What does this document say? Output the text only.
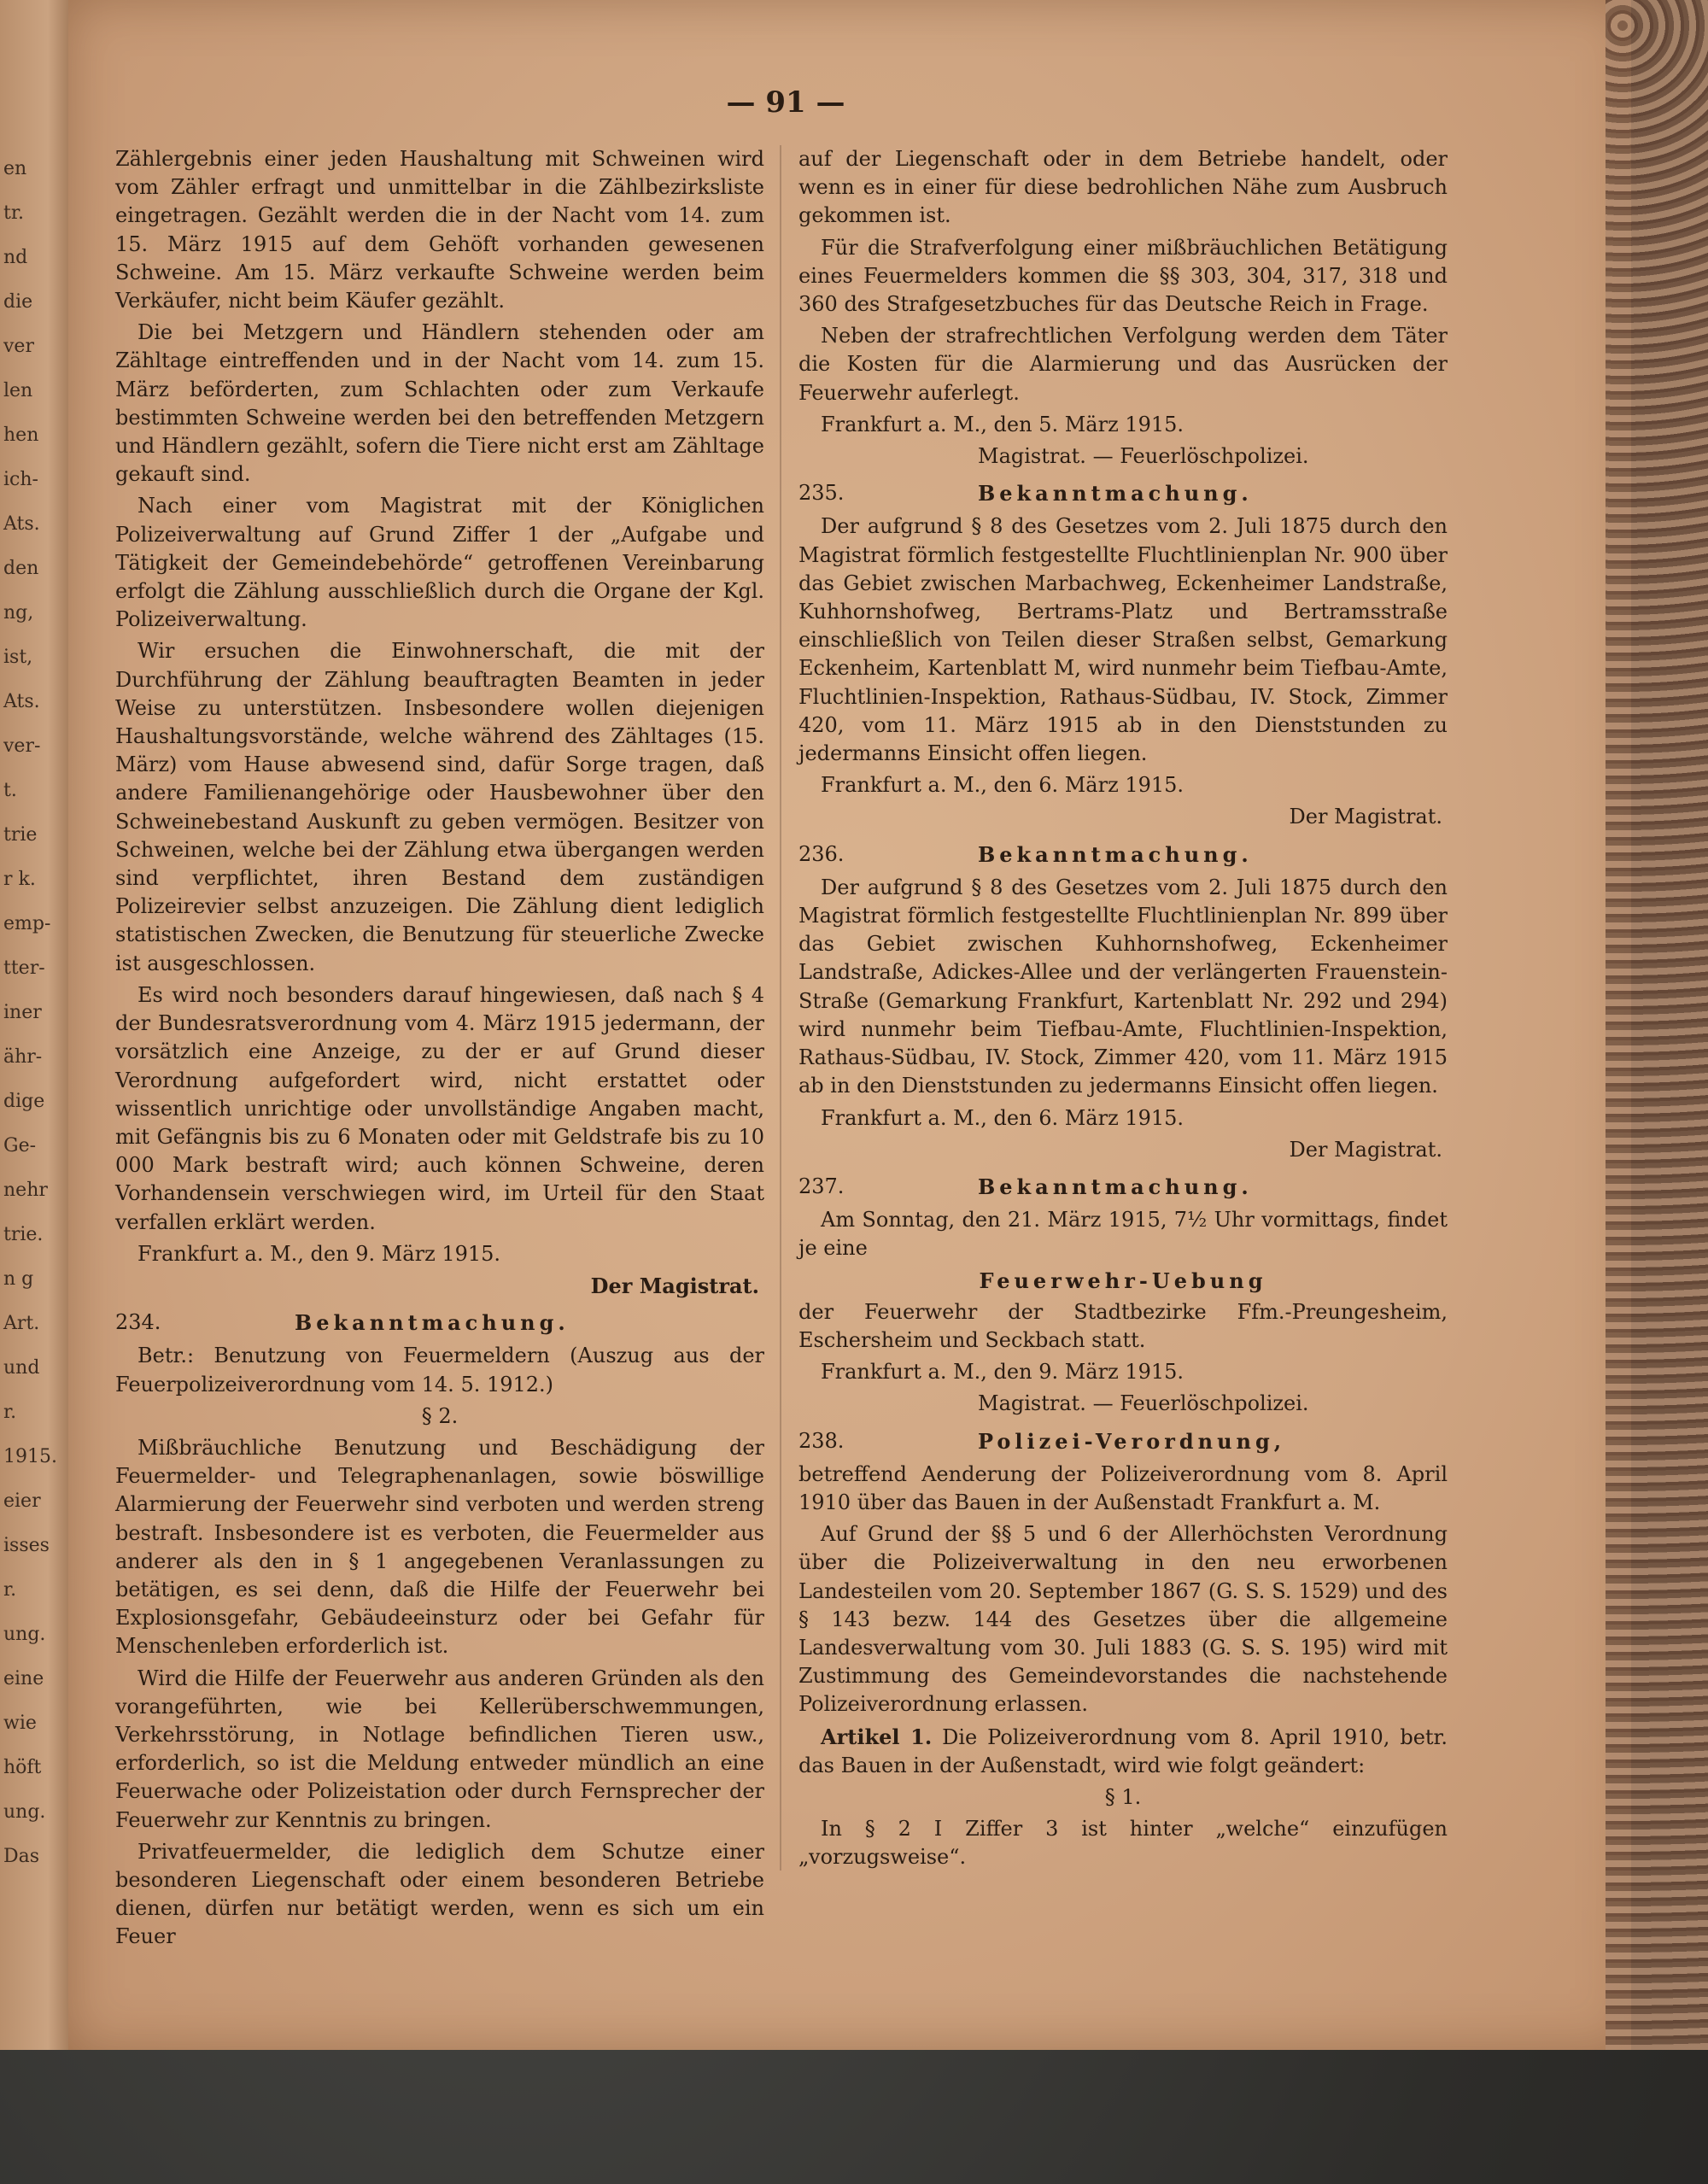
en
tr.
nd
die
ver
len
hen
ich-
Ats.
den
ng,
ist,
Ats.
ver-
t.
trie
r k.
emp-
tter-
iner
ähr-
dige
Ge-
nehr
trie.
n g
Art.
und
r.
1915.
eier
isses
r.
ung.
eine
wie
höft
ung.
Das
— 91 —

Zählergebnis einer jeden Haushaltung mit Schweinen wird vom Zähler erfragt und unmittelbar in die Zählbezirksliste eingetragen. Gezählt werden die in der Nacht vom 14. zum 15. März 1915 auf dem Gehöft vorhanden gewesenen Schweine. Am 15. März verkaufte Schweine werden beim Verkäufer, nicht beim Käufer gezählt.

Die bei Metzgern und Händlern stehenden oder am Zähltage eintreffenden und in der Nacht vom 14. zum 15. März beförderten, zum Schlachten oder zum Verkaufe bestimmten Schweine werden bei den betreffenden Metzgern und Händlern gezählt, sofern die Tiere nicht erst am Zähltage gekauft sind.

Nach einer vom Magistrat mit der Königlichen Polizeiverwaltung auf Grund Ziffer 1 der „Aufgabe und Tätigkeit der Gemeindebehörde“ getroffenen Vereinbarung erfolgt die Zählung ausschließlich durch die Organe der Kgl. Polizeiverwaltung.

Wir ersuchen die Einwohnerschaft, die mit der Durchführung der Zählung beauftragten Beamten in jeder Weise zu unterstützen. Insbesondere wollen diejenigen Haushaltungsvorstände, welche während des Zähltages (15. März) vom Hause abwesend sind, dafür Sorge tragen, daß andere Familienangehörige oder Hausbewohner über den Schweinebestand Auskunft zu geben vermögen. Besitzer von Schweinen, welche bei der Zählung etwa übergangen werden sind verpflichtet, ihren Bestand dem zuständigen Polizeirevier selbst anzuzeigen. Die Zählung dient lediglich statistischen Zwecken, die Benutzung für steuerliche Zwecke ist ausgeschlossen.

Es wird noch besonders darauf hingewiesen, daß nach § 4 der Bundesratsverordnung vom 4. März 1915 jedermann, der vorsätzlich eine Anzeige, zu der er auf Grund dieser Verordnung aufgefordert wird, nicht erstattet oder wissentlich unrichtige oder unvollständige Angaben macht, mit Gefängnis bis zu 6 Monaten oder mit Geldstrafe bis zu 10 000 Mark bestraft wird; auch können Schweine, deren Vorhandensein verschwiegen wird, im Urteil für den Staat verfallen erklärt werden.

Frankfurt a. M., den 9. März 1915.

Der Magistrat.

234.	Bekanntmachung.

Betr.: Benutzung von Feuermeldern (Auszug aus der Feuerpolizeiverordnung vom 14. 5. 1912.)

§ 2.

Mißbräuchliche Benutzung und Beschädigung der Feuermelder- und Telegraphenanlagen, sowie böswillige Alarmierung der Feuerwehr sind verboten und werden streng bestraft. Insbesondere ist es verboten, die Feuermelder aus anderer als den in § 1 angegebenen Veranlassungen zu betätigen, es sei denn, daß die Hilfe der Feuerwehr bei Explosionsgefahr, Gebäudeeinsturz oder bei Gefahr für Menschenleben erforderlich ist.

Wird die Hilfe der Feuerwehr aus anderen Gründen als den vorangeführten, wie bei Kellerüberschwemmungen, Verkehrsstörung, in Notlage befindlichen Tieren usw., erforderlich, so ist die Meldung entweder mündlich an eine Feuerwache oder Polizeistation oder durch Fernsprecher der Feuerwehr zur Kenntnis zu bringen.

Privatfeuermelder, die lediglich dem Schutze einer besonderen Liegenschaft oder einem besonderen Betriebe dienen, dürfen nur betätigt werden, wenn es sich um ein Feuer

auf der Liegenschaft oder in dem Betriebe handelt, oder wenn es in einer für diese bedrohlichen Nähe zum Ausbruch gekommen ist.

Für die Strafverfolgung einer mißbräuchlichen Betätigung eines Feuermelders kommen die §§ 303, 304, 317, 318 und 360 des Strafgesetzbuches für das Deutsche Reich in Frage.

Neben der strafrechtlichen Verfolgung werden dem Täter die Kosten für die Alarmierung und das Ausrücken der Feuerwehr auferlegt.

Frankfurt a. M., den 5. März 1915.

Magistrat. — Feuerlöschpolizei.

235.	Bekanntmachung.

Der aufgrund § 8 des Gesetzes vom 2. Juli 1875 durch den Magistrat förmlich festgestellte Fluchtlinienplan Nr. 900 über das Gebiet zwischen Marbachweg, Eckenheimer Landstraße, Kuhhornshofweg, Bertrams-Platz und Bertramsstraße einschließlich von Teilen dieser Straßen selbst, Gemarkung Eckenheim, Kartenblatt M, wird nunmehr beim Tiefbau-Amte, Fluchtlinien-Inspektion, Rathaus-Südbau, IV. Stock, Zimmer 420, vom 11. März 1915 ab in den Dienststunden zu jedermanns Einsicht offen liegen.

Frankfurt a. M., den 6. März 1915.

Der Magistrat.

236.	Bekanntmachung.

Der aufgrund § 8 des Gesetzes vom 2. Juli 1875 durch den Magistrat förmlich festgestellte Fluchtlinienplan Nr. 899 über das Gebiet zwischen Kuhhornshofweg, Eckenheimer Landstraße, Adickes-Allee und der verlängerten Frauenstein-Straße (Gemarkung Frankfurt, Kartenblatt Nr. 292 und 294) wird nunmehr beim Tiefbau-Amte, Fluchtlinien-Inspektion, Rathaus-Südbau, IV. Stock, Zimmer 420, vom 11. März 1915 ab in den Dienststunden zu jedermanns Einsicht offen liegen.

Frankfurt a. M., den 6. März 1915.

Der Magistrat.

237.	Bekanntmachung.

Am Sonntag, den 21. März 1915, 7½ Uhr vormittags, findet je eine

Feuerwehr-Uebung

der Feuerwehr der Stadtbezirke Ffm.-Preungesheim, Eschersheim und Seckbach statt.

Frankfurt a. M., den 9. März 1915.

Magistrat. — Feuerlöschpolizei.

238.	Polizei-Verordnung,

betreffend Aenderung der Polizeiverordnung vom 8. April 1910 über das Bauen in der Außenstadt Frankfurt a. M.

Auf Grund der §§ 5 und 6 der Allerhöchsten Verordnung über die Polizeiverwaltung in den neu erworbenen Landesteilen vom 20. September 1867 (G. S. S. 1529) und des § 143 bezw. 144 des Gesetzes über die allgemeine Landesverwaltung vom 30. Juli 1883 (G. S. S. 195) wird mit Zustimmung des Gemeindevorstandes die nachstehende Polizeiverordnung erlassen.

Artikel 1. Die Polizeiverordnung vom 8. April 1910, betr. das Bauen in der Außenstadt, wird wie folgt geändert:

§ 1.

In § 2 I Ziffer 3 ist hinter „welche“ einzufügen „vorzugsweise“.
